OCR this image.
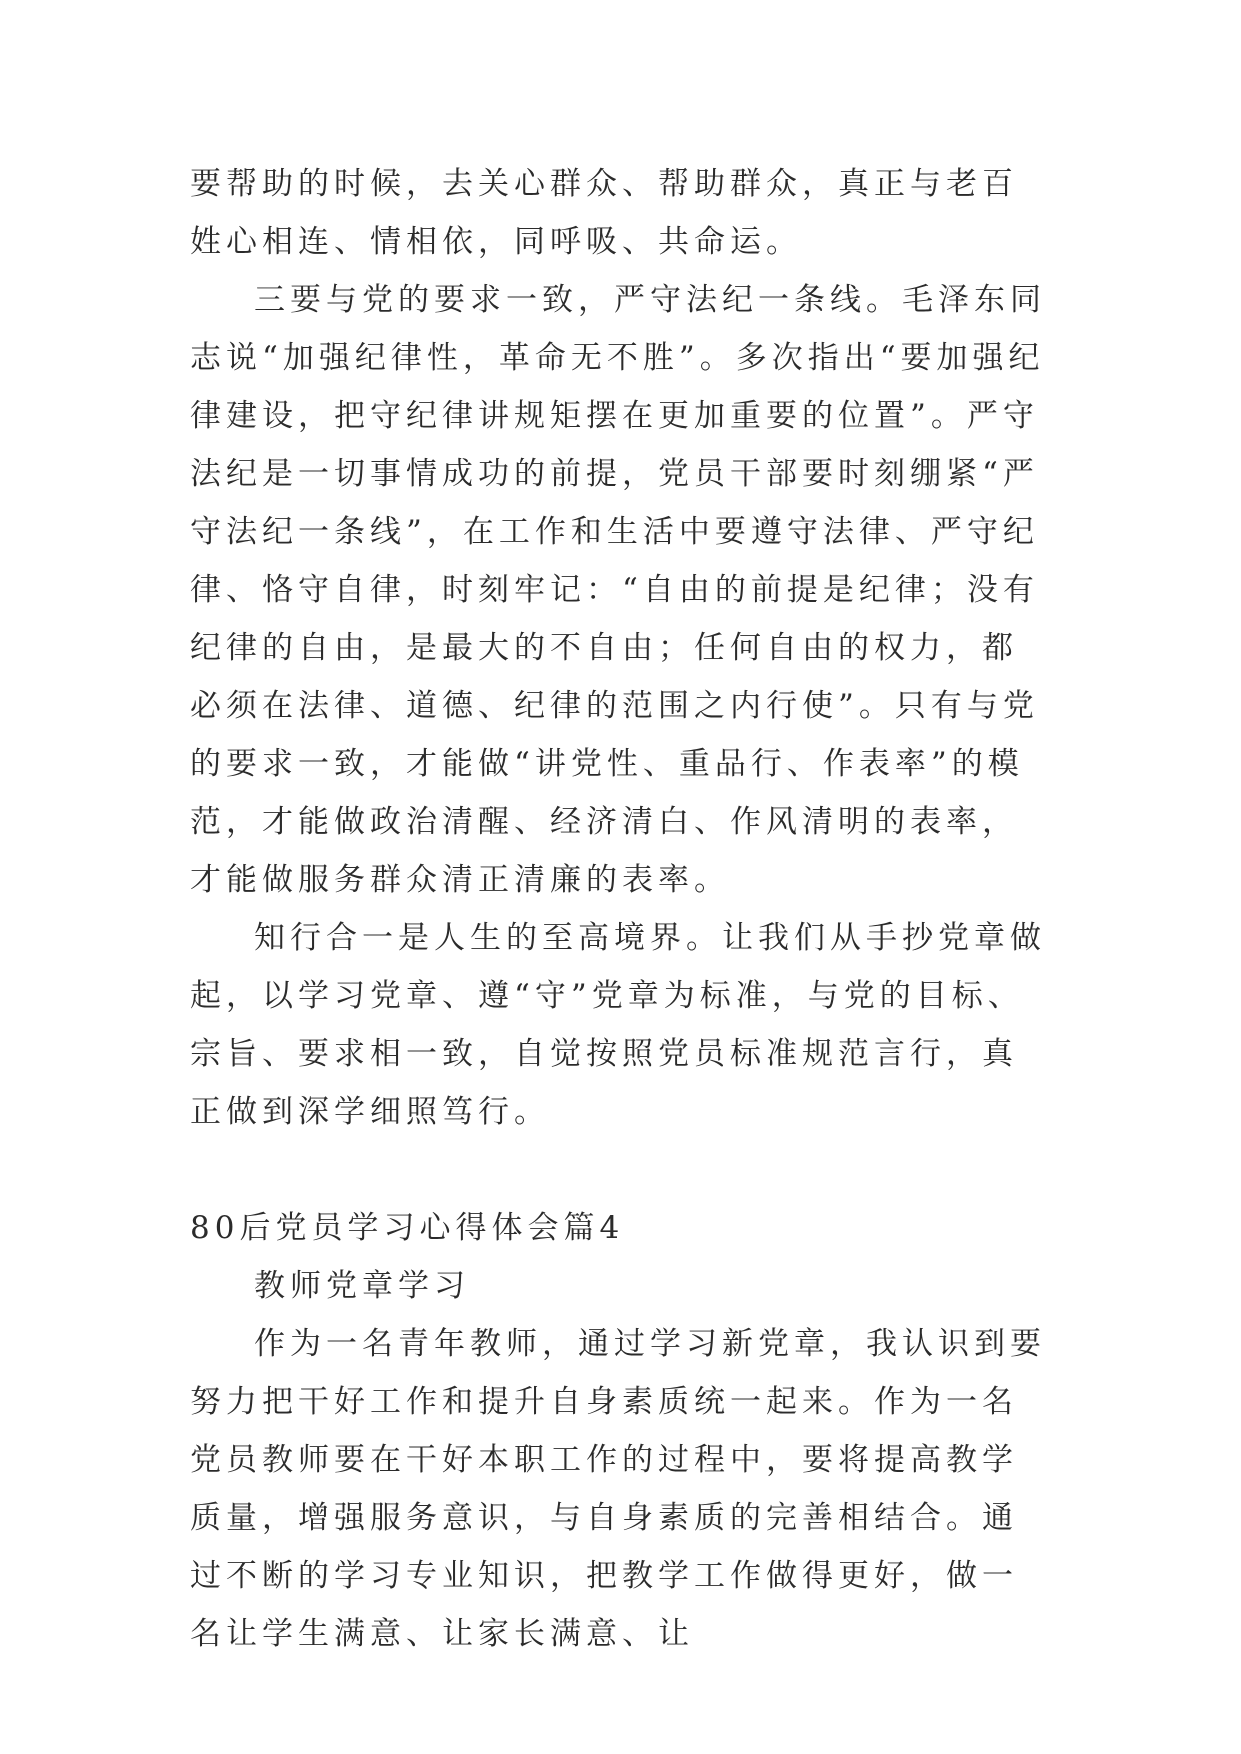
要帮助的时候，去关心群众、帮助群众，真正与老百姓心相连、情相依，同呼吸、共命运。

三要与党的要求一致，严守法纪一条线。毛泽东同志说“加强纪律性，革命无不胜”。多次指出“要加强纪律建设，把守纪律讲规矩摆在更加重要的位置”。严守法纪是一切事情成功的前提，党员干部要时刻绷紧“严守法纪一条线”，在工作和生活中要遵守法律、严守纪律、恪守自律，时刻牢记：“自由的前提是纪律；没有纪律的自由，是最大的不自由；任何自由的权力，都必须在法律、道德、纪律的范围之内行使”。只有与党的要求一致，才能做“讲党性、重品行、作表率”的模范，才能做政治清醒、经济清白、作风清明的表率，才能做服务群众清正清廉的表率。

知行合一是人生的至高境界。让我们从手抄党章做起，以学习党章、遵“守”党章为标准，与党的目标、宗旨、要求相一致，自觉按照党员标准规范言行，真正做到深学细照笃行。

80后党员学习心得体会篇4

教师党章学习

作为一名青年教师，通过学习新党章，我认识到要努力把干好工作和提升自身素质统一起来。作为一名党员教师要在干好本职工作的过程中，要将提高教学质量，增强服务意识，与自身素质的完善相结合。通过不断的学习专业知识，把教学工作做得更好，做一名让学生满意、让家长满意、让
